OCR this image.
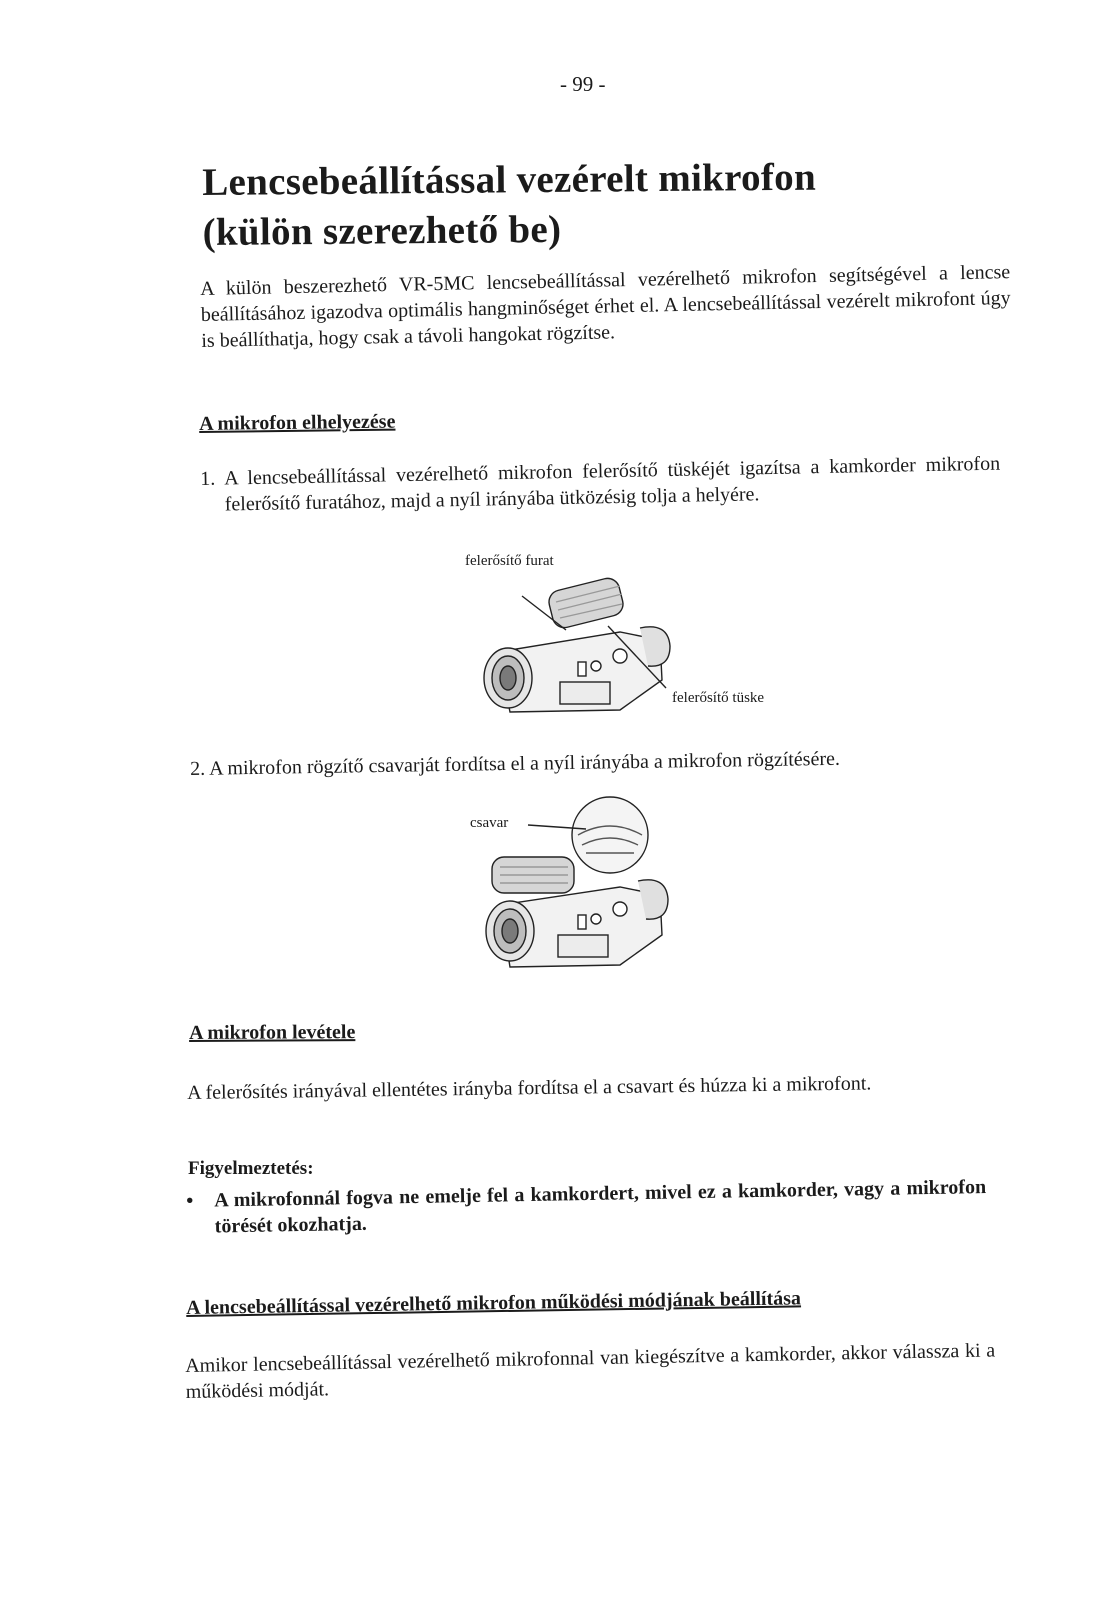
- 99 -
Lencsebeállítással vezérelt mikrofon
(külön szerezhető be)

A külön beszerezhető VR-5MC lencsebeállítással vezérelhető mikrofon segítségével a lencse beállításához igazodva optimális hangminőséget érhet el. A lencsebeállítással vezérelt mikrofont úgy is beállíthatja, hogy csak a távoli hangokat rögzítse.

A mikrofon elhelyezése
1. A lencsebeállítással vezérelhető mikrofon felerősítő tüskéjét igazítsa a kamkorder mikrofon felerősítő furatához, majd a nyíl irányába ütközésig tolja a helyére.
felerősítő furat
felerősítő tüske

2. A mikrofon rögzítő csavarját fordítsa el a nyíl irányába a mikrofon rögzítésére.

csavar
A mikrofon levétele

A felerősítés irányával ellentétes irányba fordítsa el a csavart és húzza ki a mikrofont.

Figyelmeztetés:

•	A mikrofonnál fogva ne emelje fel a kamkordert, mivel ez a kamkorder, vagy a mikrofon törését okozhatja.
A lencsebeállítással vezérelhető mikrofon működési módjának beállítása

Amikor lencsebeállítással vezérelhető mikrofonnal van kiegészítve a kamkorder, akkor válassza ki a működési módját.
